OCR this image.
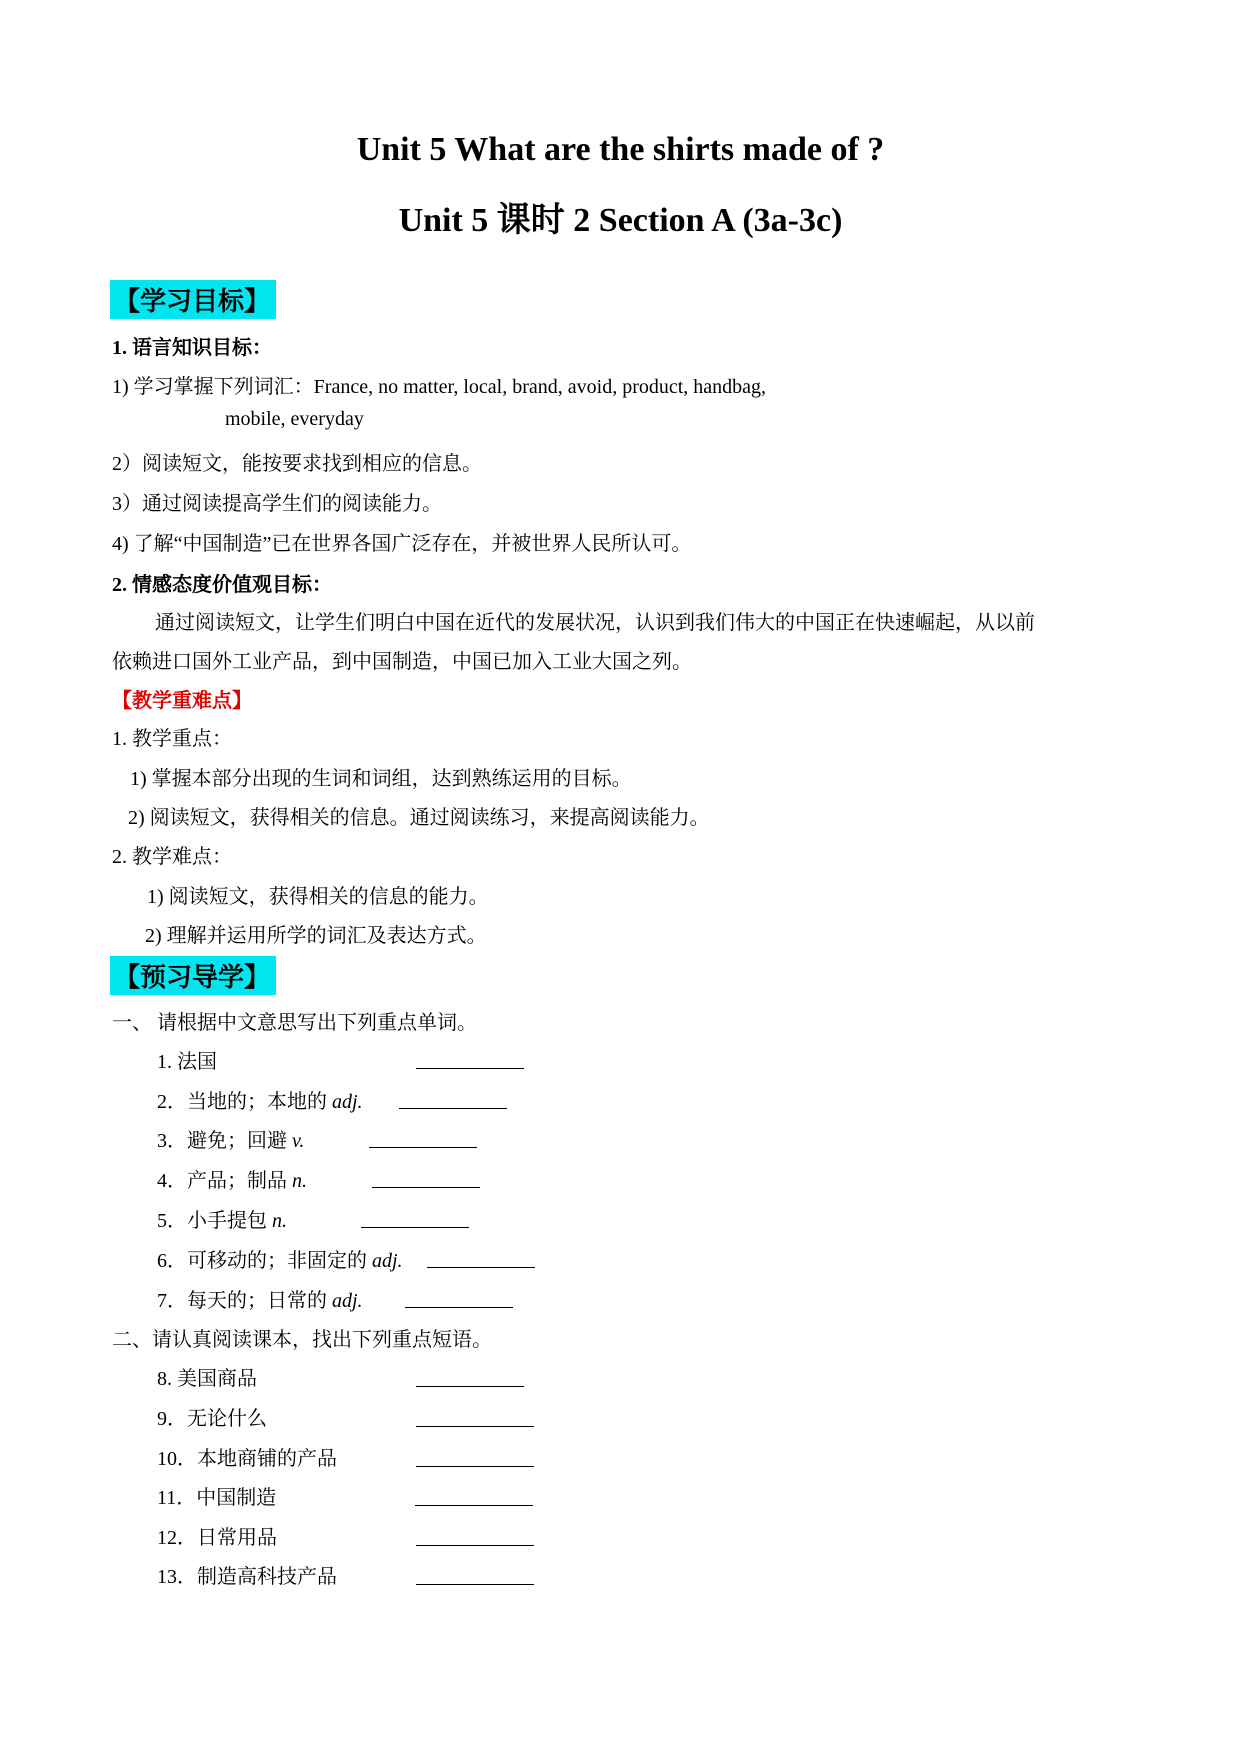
Unit 5 What are the shirts made of ?
Unit 5 课时 2 Section A (3a-3c)
【学习目标】
1. 语言知识目标：
1) 学习掌握下列词汇：France, no matter, local, brand, avoid, product, handbag,
mobile, everyday
2）阅读短文，能按要求找到相应的信息。
3）通过阅读提高学生们的阅读能力。
4) 了解“中国制造”已在世界各国广泛存在，并被世界人民所认可。
2. 情感态度价值观目标：
通过阅读短文，让学生们明白中国在近代的发展状况，认识到我们伟大的中国正在快速崛起，从以前
依赖进口国外工业产品，到中国制造，中国已加入工业大国之列。
【教学重难点】
1. 教学重点：
1) 掌握本部分出现的生词和词组，达到熟练运用的目标。
2) 阅读短文，获得相关的信息。通过阅读练习，来提高阅读能力。
2. 教学难点：
1) 阅读短文，获得相关的信息的能力。
2) 理解并运用所学的词汇及表达方式。
【预习导学】
一、 请根据中文意思写出下列重点单词。
1. 法国
2．当地的；本地的 adj.
3．避免；回避 v.
4．产品；制品 n.
5．小手提包 n.
6．可移动的；非固定的 adj.
7．每天的；日常的 adj.
二、请认真阅读课本，找出下列重点短语。
8. 美国商品
9．无论什么
10．本地商铺的产品
11．中国制造
12．日常用品
13．制造高科技产品
